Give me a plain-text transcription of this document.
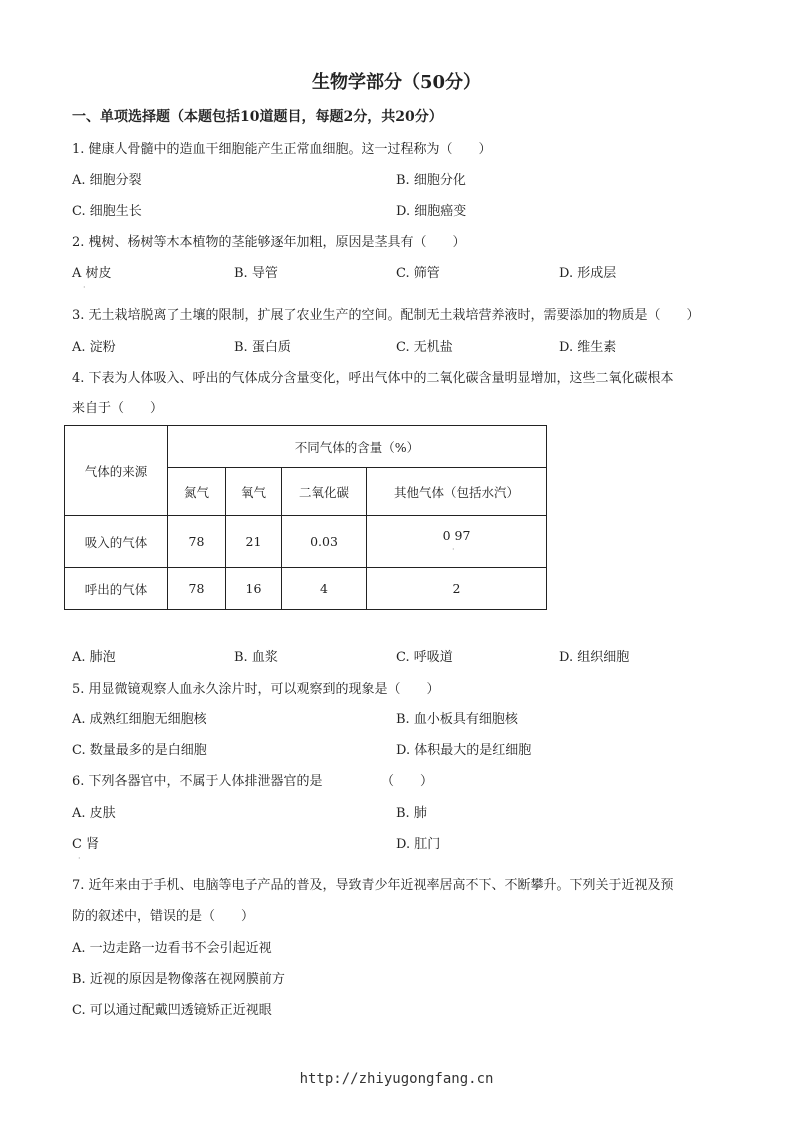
生物学部分（50分）
一、单项选择题（本题包括10道题目，每题2分，共20分）
1. 健康人骨髓中的造血干细胞能产生正常血细胞。这一过程称为（　　）
A. 细胞分裂	B. 细胞分化
C. 细胞生长	D. 细胞癌变
2. 槐树、杨树等木本植物的茎能够逐年加粗，原因是茎具有（　　）
A 树皮
·
B. 导管	C. 筛管	D. 形成层
3. 无土栽培脱离了土壤的限制，扩展了农业生产的空间。配制无土栽培营养液时，需要添加的物质是（　　）
A. 淀粉	B. 蛋白质	C. 无机盐	D. 维生素
4. 下表为人体吸入、呼出的气体成分含量变化，呼出气体中的二氧化碳含量明显增加，这些二氧化碳根本
来自于（　　）
气体的来源	不同气体的含量（%）			
	氮气	氧气	二氧化碳	其他气体（包括水汽）
吸入的气体	78	21	0.03	0 97
呼出的气体	78	16	4	2
·
A. 肺泡	B. 血浆	C. 呼吸道	D. 组织细胞
5. 用显微镜观察人血永久涂片时，可以观察到的现象是（　　）
A. 成熟红细胞无细胞核	B. 血小板具有细胞核
C. 数量最多的是白细胞	D. 体积最大的是红细胞
6. 下列各器官中，不属于人体排泄器官的是	（　　）
A. 皮肤	B. 肺
C 肾
·
D. 肛门
7. 近年来由于手机、电脑等电子产品的普及，导致青少年近视率居高不下、不断攀升。下列关于近视及预
防的叙述中，错误的是（　　）
A. 一边走路一边看书不会引起近视
B. 近视的原因是物像落在视网膜前方
C. 可以通过配戴凹透镜矫正近视眼
http://zhiyugongfang.cn
